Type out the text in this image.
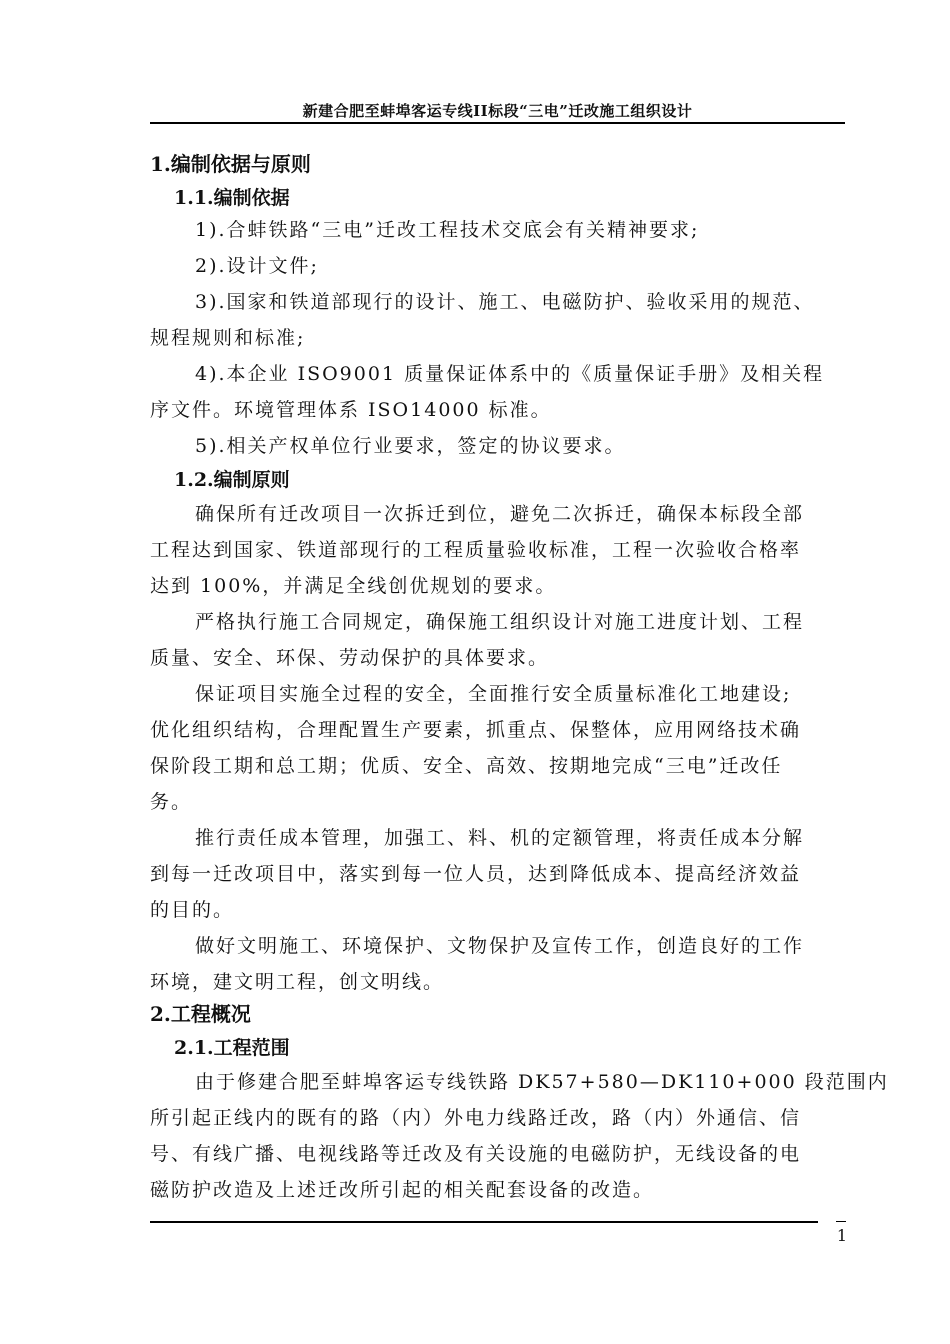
新建合肥至蚌埠客运专线II标段“三电”迁改施工组织设计
1.编制依据与原则
1.1.编制依据
1).合蚌铁路“三电”迁改工程技术交底会有关精神要求;
2).设计文件;
3).国家和铁道部现行的设计、施工、电磁防护、验收采用的规范、
规程规则和标准;
4).本企业 ISO9001 质量保证体系中的《质量保证手册》及相关程
序文件。环境管理体系 ISO14000 标准。
5).相关产权单位行业要求，签定的协议要求。
1.2.编制原则
确保所有迁改项目一次拆迁到位，避免二次拆迁，确保本标段全部
工程达到国家、铁道部现行的工程质量验收标准，工程一次验收合格率
达到 100%，并满足全线创优规划的要求。
严格执行施工合同规定，确保施工组织设计对施工进度计划、工程
质量、安全、环保、劳动保护的具体要求。
保证项目实施全过程的安全，全面推行安全质量标准化工地建设;
优化组织结构，合理配置生产要素，抓重点、保整体，应用网络技术确
保阶段工期和总工期；优质、安全、高效、按期地完成“三电”迁改任
务。
推行责任成本管理，加强工、料、机的定额管理，将责任成本分解
到每一迁改项目中，落实到每一位人员，达到降低成本、提高经济效益
的目的。
做好文明施工、环境保护、文物保护及宣传工作，创造良好的工作
环境，建文明工程，创文明线。
2.工程概况
2.1.工程范围
由于修建合肥至蚌埠客运专线铁路 DK57+580—DK110+000 段范围内
所引起正线内的既有的路（内）外电力线路迁改，路（内）外通信、信
号、有线广播、电视线路等迁改及有关设施的电磁防护，无线设备的电
磁防护改造及上述迁改所引起的相关配套设备的改造。
1
